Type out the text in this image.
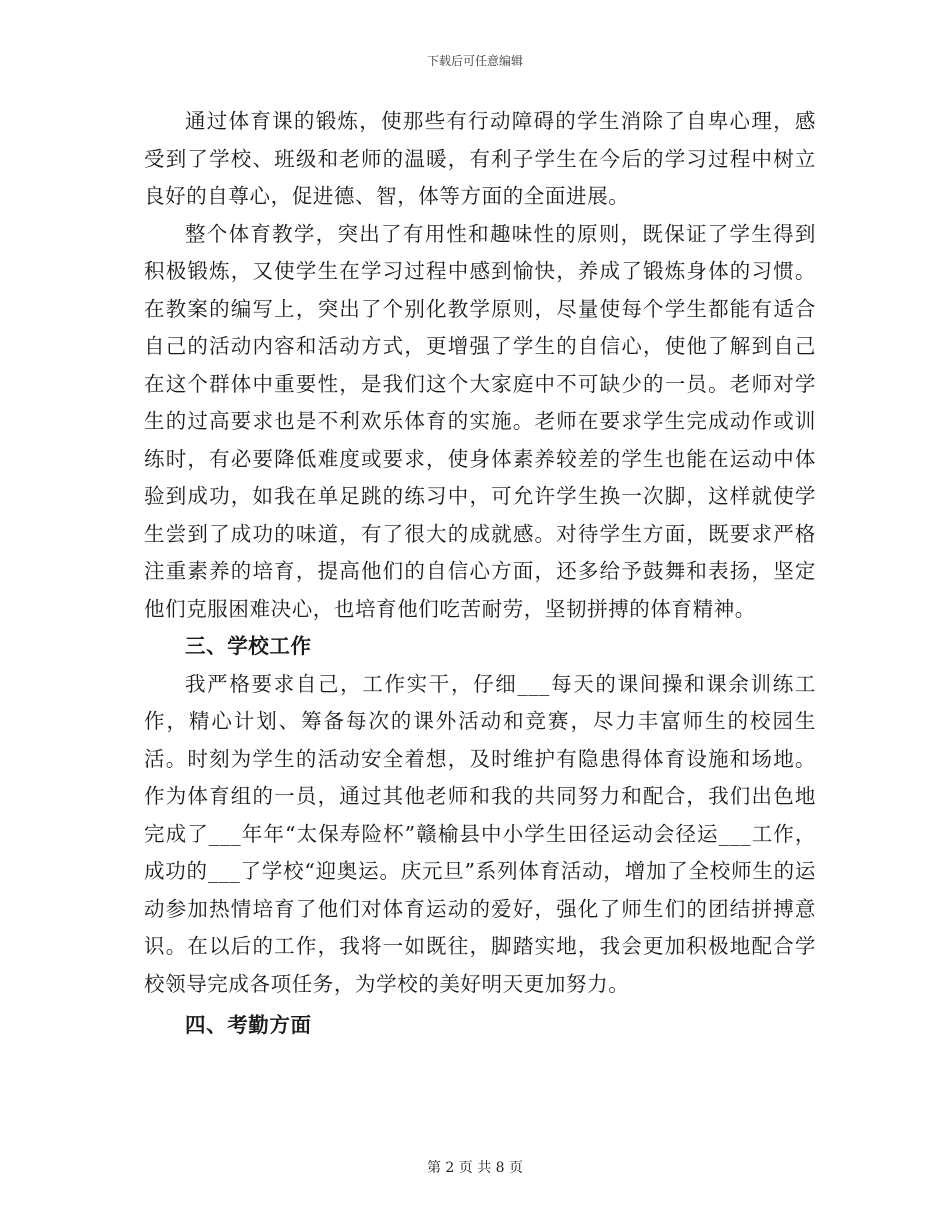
下载后可任意编辑

通过体育课的锻炼，使那些有行动障碍的学生消除了自卑心理，感受到了学校、班级和老师的温暖，有利子学生在今后的学习过程中树立良好的自尊心，促进德、智，体等方面的全面进展。

整个体育教学，突出了有用性和趣味性的原则，既保证了学生得到积极锻炼，又使学生在学习过程中感到愉快，养成了锻炼身体的习惯。在教案的编写上，突出了个别化教学原则，尽量使每个学生都能有适合自己的活动内容和活动方式，更增强了学生的自信心，使他了解到自己在这个群体中重要性，是我们这个大家庭中不可缺少的一员。老师对学生的过高要求也是不利欢乐体育的实施。老师在要求学生完成动作或训练时，有必要降低难度或要求，使身体素养较差的学生也能在运动中体验到成功，如我在单足跳的练习中，可允许学生换一次脚，这样就使学生尝到了成功的味道，有了很大的成就感。对待学生方面，既要求严格注重素养的培育，提高他们的自信心方面，还多给予鼓舞和表扬，坚定他们克服困难决心，也培育他们吃苦耐劳，坚韧拼搏的体育精神。

三、学校工作

我严格要求自己，工作实干，仔细___每天的课间操和课余训练工作，精心计划、筹备每次的课外活动和竞赛，尽力丰富师生的校园生活。时刻为学生的活动安全着想，及时维护有隐患得体育设施和场地。作为体育组的一员，通过其他老师和我的共同努力和配合，我们出色地完成了___年年“太保寿险杯”赣榆县中小学生田径运动会径运___工作，成功的___了学校“迎奥运。庆元旦”系列体育活动，增加了全校师生的运动参加热情培育了他们对体育运动的爱好，强化了师生们的团结拼搏意识。在以后的工作，我将一如既往，脚踏实地，我会更加积极地配合学校领导完成各项任务，为学校的美好明天更加努力。

四、考勤方面

第 2 页 共 8 页
